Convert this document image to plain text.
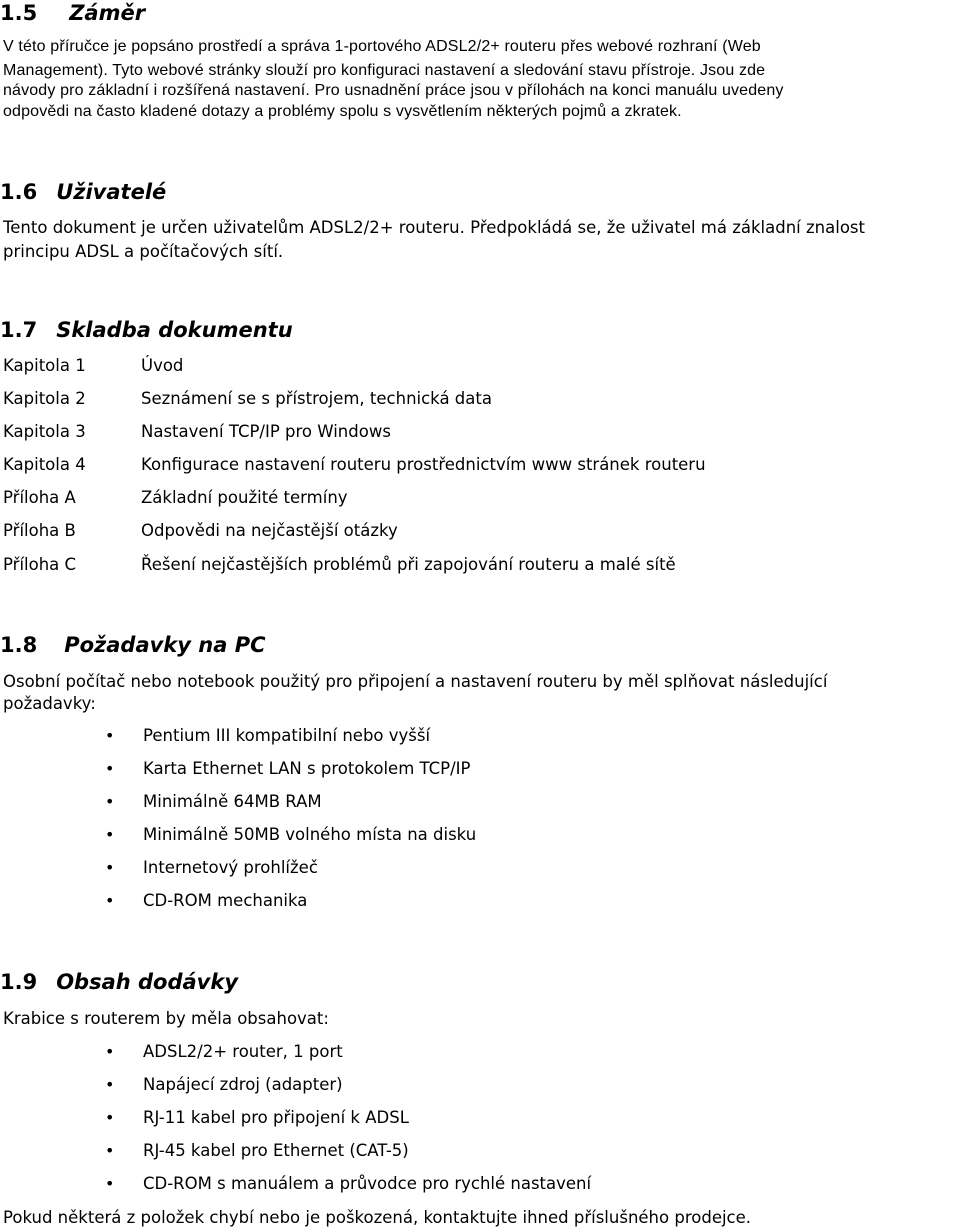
1.5 Záměr
V této příručce je popsáno prostředí a správa 1-portového ADSL2/2+ routeru přes webové rozhraní (Web
Management). Tyto webové stránky slouží pro konfiguraci nastavení a sledování stavu přístroje. Jsou zde
návody pro základní i rozšířená nastavení. Pro usnadnění práce jsou v přílohách na konci manuálu uvedeny
odpovědi na často kladené dotazy a problémy spolu s vysvětlením některých pojmů a zkratek.
1.6 Uživatelé
Tento dokument je určen uživatelům ADSL2/2+ routeru. Předpokládá se, že uživatel má základní znalost
principu ADSL a počítačových sítí.
1.7 Skladba dokumentu
Kapitola 1	Úvod
Kapitola 2	Seznámení se s přístrojem, technická data
Kapitola 3	Nastavení TCP/IP pro Windows
Kapitola 4	Konfigurace nastavení routeru prostřednictvím www stránek routeru
Příloha A	Základní použité termíny
Příloha B	Odpovědi na nejčastější otázky
Příloha C	Řešení nejčastějších problémů při zapojování routeru a malé sítě
1.8 Požadavky na PC
Osobní počítač nebo notebook použitý pro připojení a nastavení routeru by měl splňovat následující
požadavky:
• Pentium III kompatibilní nebo vyšší
• Karta Ethernet LAN s protokolem TCP/IP
• Minimálně 64MB RAM
• Minimálně 50MB volného místa na disku
• Internetový prohlížeč
• CD-ROM mechanika
1.9 Obsah dodávky
Krabice s routerem by měla obsahovat:
• ADSL2/2+ router, 1 port
• Napájecí zdroj (adapter)
• RJ-11 kabel pro připojení k ADSL
• RJ-45 kabel pro Ethernet (CAT-5)
• CD-ROM s manuálem a průvodce pro rychlé nastavení
Pokud některá z položek chybí nebo je poškozená, kontaktujte ihned příslušného prodejce.
